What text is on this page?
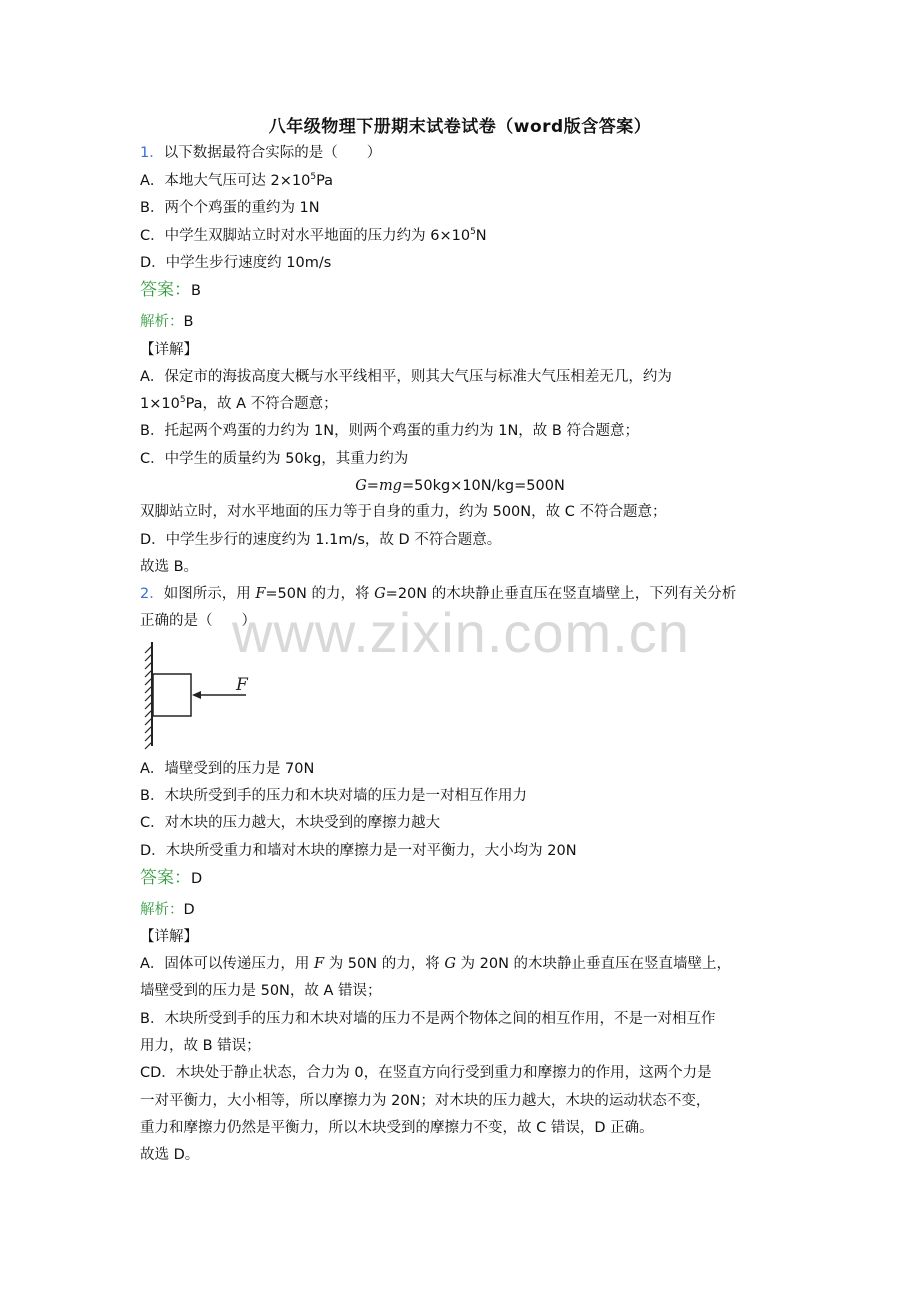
www.zixin.com.cn
八年级物理下册期末试卷试卷（word版含答案）
1．以下数据最符合实际的是（　　）
A．本地大气压可达 $2\times 10^5Pa$
B．两个个鸡蛋的重约为 1N
C．中学生双脚站立时对水平地面的压力约为 $6\times 10^5N$
D．中学生步行速度约 10m/s
答案：B
解析：B
【详解】
A．保定市的海拔高度大概与水平线相平，则其大气压与标准大气压相差无几，约为
$1\times 10^5Pa$，故 A 不符合题意；
B．托起两个鸡蛋的力约为 1N，则两个鸡蛋的重力约为 1N，故 B 符合题意；
C．中学生的质量约为 50kg，其重力约为
G=mg=50kg×10N/kg=500N
双脚站立时，对水平地面的压力等于自身的重力，约为 500N，故 C 不符合题意；
D．中学生步行的速度约为 1.1m/s，故 D 不符合题意。
故选 B。
2．如图所示，用 F=50N 的力，将 G=20N 的木块静止垂直压在竖直墙壁上，下列有关分析
正确的是（　　）
F
A．墙壁受到的压力是 70N
B．木块所受到手的压力和木块对墙的压力是一对相互作用力
C．对木块的压力越大，木块受到的摩擦力越大
D．木块所受重力和墙对木块的摩擦力是一对平衡力，大小均为 20N
答案：D
解析：D
【详解】
A．固体可以传递压力，用 F 为 50N 的力，将 G 为 20N 的木块静止垂直压在竖直墙壁上，
墙壁受到的压力是 50N，故 A 错误；
B．木块所受到手的压力和木块对墙的压力不是两个物体之间的相互作用，不是一对相互作
用力，故 B 错误；
CD．木块处于静止状态，合力为 0，在竖直方向行受到重力和摩擦力的作用，这两个力是
一对平衡力，大小相等，所以摩擦力为 20N；对木块的压力越大，木块的运动状态不变，
重力和摩擦力仍然是平衡力，所以木块受到的摩擦力不变，故 C 错误，D 正确。
故选 D。
